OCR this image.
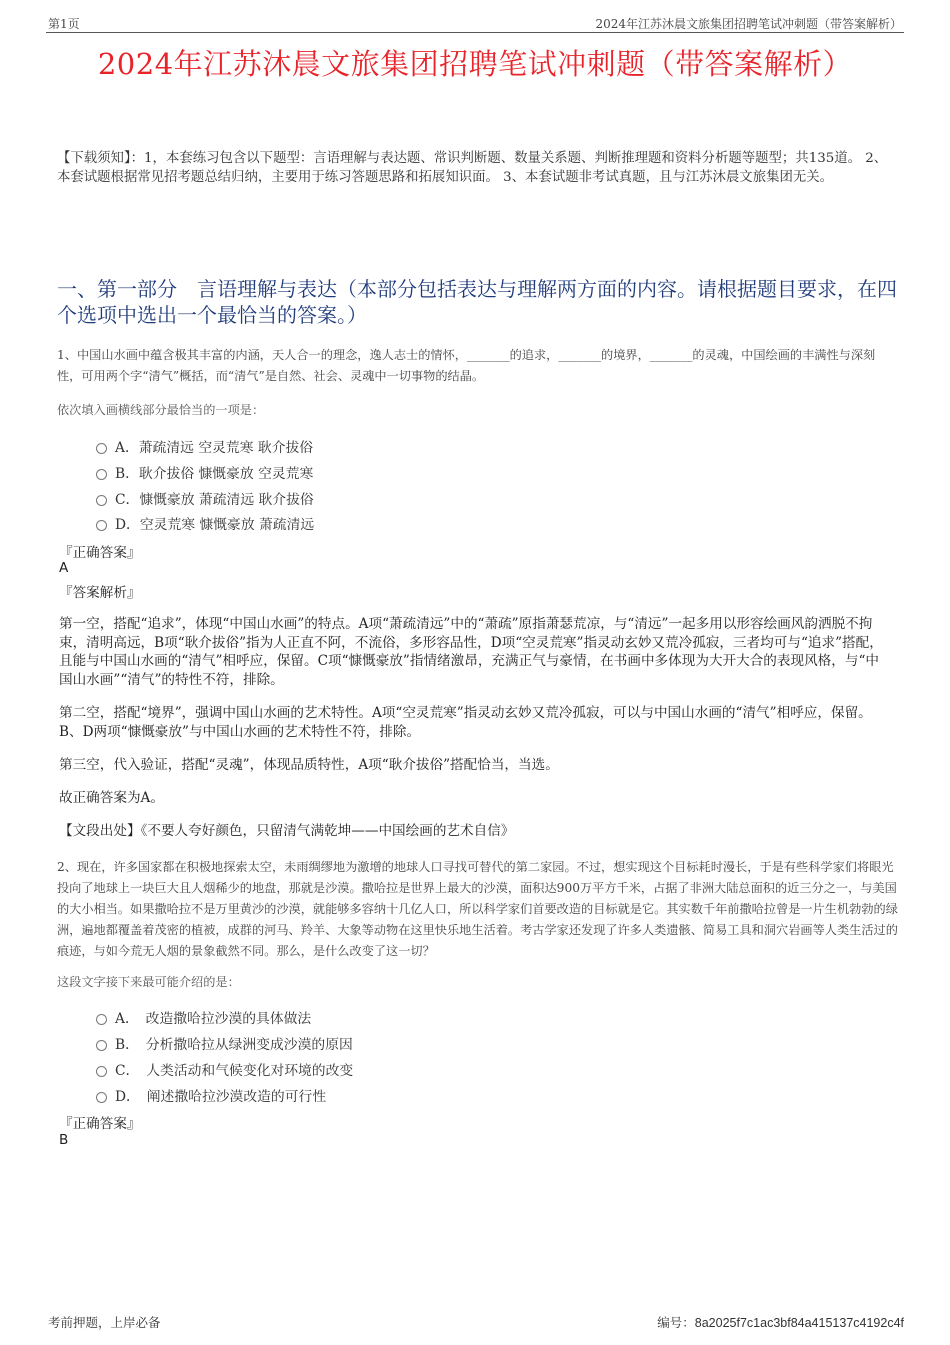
第1页	2024年江苏沐晨文旅集团招聘笔试冲刺题（带答案解析）
2024年江苏沐晨文旅集团招聘笔试冲刺题（带答案解析）
【下载须知】：1，本套练习包含以下题型：言语理解与表达题、常识判断题、数量关系题、判断推理题和资料分析题等题型；共135道。 2、本套试题根据常见招考题总结归纳，主要用于练习答题思路和拓展知识面。 3、本套试题非考试真题，且与江苏沐晨文旅集团无关。
一、第一部分　言语理解与表达（本部分包括表达与理解两方面的内容。请根据题目要求，在四个选项中选出一个最恰当的答案。）
1、中国山水画中蕴含极其丰富的内涵，天人合一的理念，逸人志士的情怀，_______的追求，_______的境界，_______的灵魂，中国绘画的丰满性与深刻性，可用两个字“清气”概括，而“清气”是自然、社会、灵魂中一切事物的结晶。
依次填入画横线部分最恰当的一项是：
A．萧疏清远 空灵荒寒 耿介拔俗
B．耿介拔俗 慷慨豪放 空灵荒寒
C．慷慨豪放 萧疏清远 耿介拔俗
D．空灵荒寒 慷慨豪放 萧疏清远
『正确答案』
A
『答案解析』
第一空，搭配“追求”，体现“中国山水画”的特点。A项“萧疏清远”中的“萧疏”原指萧瑟荒凉，与“清远”一起多用以形容绘画风韵洒脱不拘束，清明高远，B项“耿介拔俗”指为人正直不阿，不流俗，多形容品性，D项“空灵荒寒”指灵动玄妙又荒冷孤寂，三者均可与“追求”搭配，且能与中国山水画的“清气”相呼应，保留。C项“慷慨豪放”指情绪激昂，充满正气与豪情，在书画中多体现为大开大合的表现风格，与“中国山水画”“清气”的特性不符，排除。
第二空，搭配“境界”，强调中国山水画的艺术特性。A项“空灵荒寒”指灵动玄妙又荒冷孤寂，可以与中国山水画的“清气”相呼应，保留。B、D两项“慷慨豪放”与中国山水画的艺术特性不符，排除。
第三空，代入验证，搭配“灵魂”，体现品质特性，A项“耿介拔俗”搭配恰当，当选。
故正确答案为A。
【文段出处】《不要人夸好颜色，只留清气满乾坤——中国绘画的艺术自信》
2、现在，许多国家都在积极地探索太空，未雨绸缪地为激增的地球人口寻找可替代的第二家园。不过，想实现这个目标耗时漫长，于是有些科学家们将眼光投向了地球上一块巨大且人烟稀少的地盘，那就是沙漠。撒哈拉是世界上最大的沙漠，面积达900万平方千米，占据了非洲大陆总面积的近三分之一，与美国的大小相当。如果撒哈拉不是万里黄沙的沙漠，就能够多容纳十几亿人口，所以科学家们首要改造的目标就是它。其实数千年前撒哈拉曾是一片生机勃勃的绿洲，遍地都覆盖着茂密的植被，成群的河马、羚羊、大象等动物在这里快乐地生活着。考古学家还发现了许多人类遗骸、简易工具和洞穴岩画等人类生活过的痕迹，与如今荒无人烟的景象截然不同。那么，是什么改变了这一切？
这段文字接下来最可能介绍的是：
A．　改造撒哈拉沙漠的具体做法
B．　分析撒哈拉从绿洲变成沙漠的原因
C．　人类活动和气候变化对环境的改变
D．　阐述撒哈拉沙漠改造的可行性
『正确答案』
B
考前押题，上岸必备	编号：8a2025f7c1ac3bf84a415137c4192c4f
